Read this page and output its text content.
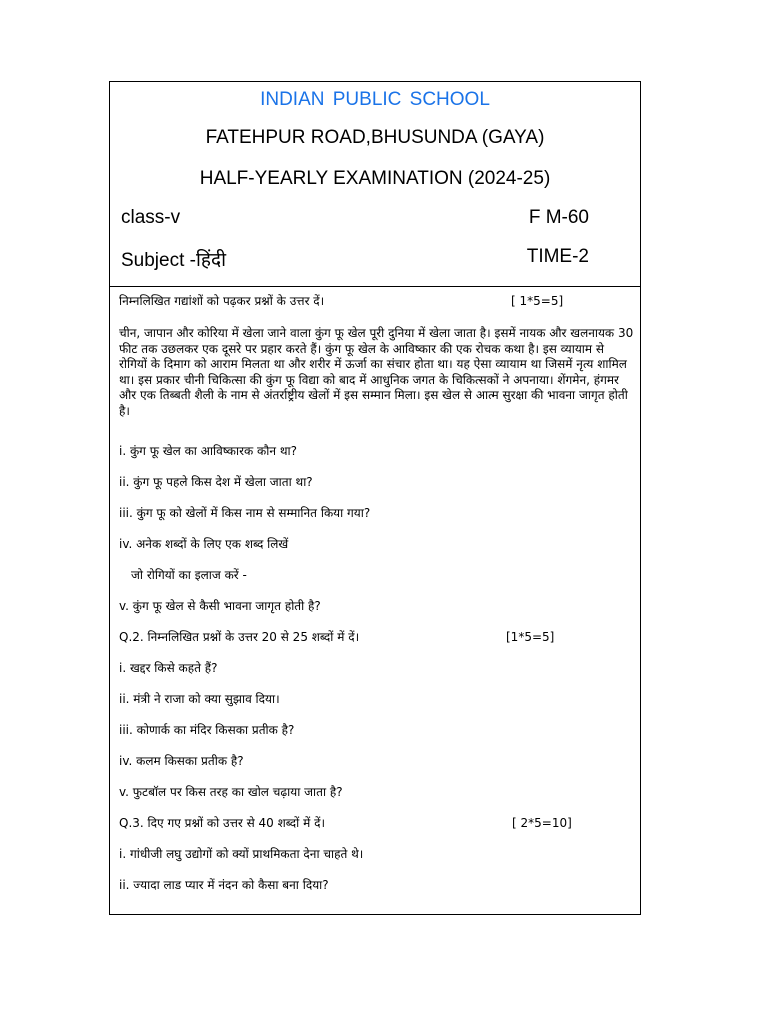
INDIAN PUBLIC SCHOOL
FATEHPUR ROAD,BHUSUNDA (GAYA)
HALF-YEARLY EXAMINATION (2024-25)
class-v	F M-60
Subject -हिंदी	TIME-2
निम्नलिखित गद्यांशों को पढ़कर प्रश्नों के उत्तर दें।	[ 1*5=5]
चीन, जापान और कोरिया में खेला जाने वाला कुंग फू खेल पूरी दुनिया में खेला जाता है। इसमें नायक और खलनायक 30 फीट तक उछलकर एक दूसरे पर प्रहार करते हैं। कुंग फू खेल के आविष्कार की एक रोचक कथा है। इस व्यायाम से रोगियों के दिमाग को आराम मिलता था और शरीर में ऊर्जा का संचार होता था। यह ऐसा व्यायाम था जिसमें नृत्य शामिल था। इस प्रकार चीनी चिकित्सा की कुंग फू विद्या को बाद में आधुनिक जगत के चिकित्सकों ने अपनाया। शेंगमेन, हंगमर और एक तिब्बती शैली के नाम से अंतर्राष्ट्रीय खेलों में इस सम्मान मिला। इस खेल से आत्म सुरक्षा की भावना जागृत होती है।
i. कुंग फू खेल का आविष्कारक कौन था?
ii. कुंग फू पहले किस देश में खेला जाता था?
iii. कुंग फू को खेलों में किस नाम से सम्मानित किया गया?
iv. अनेक शब्दों के लिए एक शब्द लिखें
जो रोगियों का इलाज करें -
v. कुंग फू खेल से कैसी भावना जागृत होती है?
Q.2. निम्नलिखित प्रश्नों के उत्तर 20 से 25 शब्दों में दें।	[1*5=5]
i. खद्दर किसे कहते हैं?
ii. मंत्री ने राजा को क्या सुझाव दिया।
iii. कोणार्क का मंदिर किसका प्रतीक है?
iv. कलम किसका प्रतीक है?
v. फुटबॉल पर किस तरह का खोल चढ़ाया जाता है?
Q.3. दिए गए प्रश्नों को उत्तर से 40 शब्दों में दें।	[ 2*5=10]
i. गांधीजी लघु उद्योगों को क्यों प्राथमिकता देना चाहते थे।
ii. ज्यादा लाड प्यार में नंदन को कैसा बना दिया?
